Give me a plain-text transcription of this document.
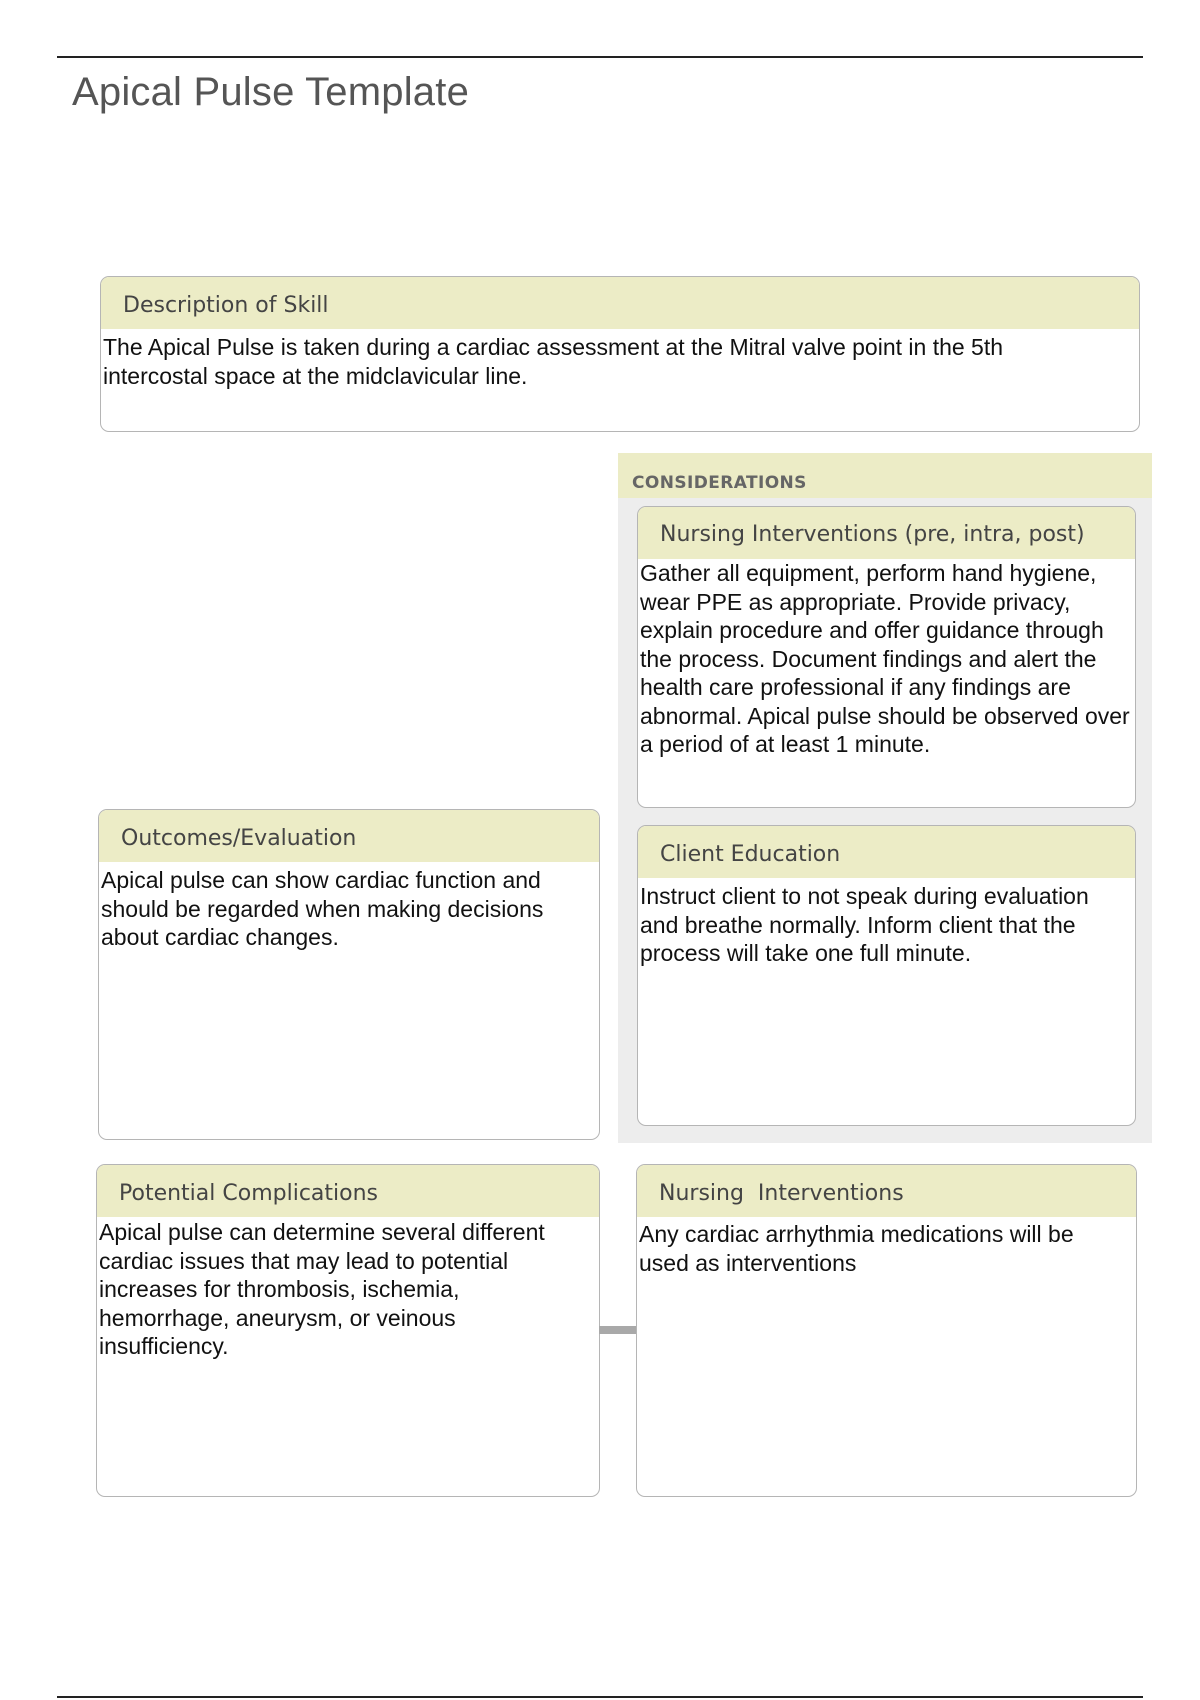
Apical Pulse Template
Description of Skill
The Apical Pulse is taken during a cardiac assessment at the Mitral valve point in the 5th intercostal space at the midclavicular line.
CONSIDERATIONS
Nursing Interventions (pre, intra, post)
Gather all equipment, perform hand hygiene, wear PPE as appropriate. Provide privacy, explain procedure and offer guidance through the process. Document findings and alert the health care professional if any findings are abnormal. Apical pulse should be observed over a period of at least 1 minute.
Client Education
Instruct client to not speak during evaluation and breathe normally. Inform client that the process will take one full minute.
Outcomes/Evaluation
Apical pulse can show cardiac function and should be regarded when making decisions about cardiac changes.
Potential Complications
Apical pulse can determine several different cardiac issues that may lead to potential increases for thrombosis, ischemia, hemorrhage, aneurysm, or veinous insufficiency.
Nursing  Interventions
Any cardiac arrhythmia medications will be used as interventions
